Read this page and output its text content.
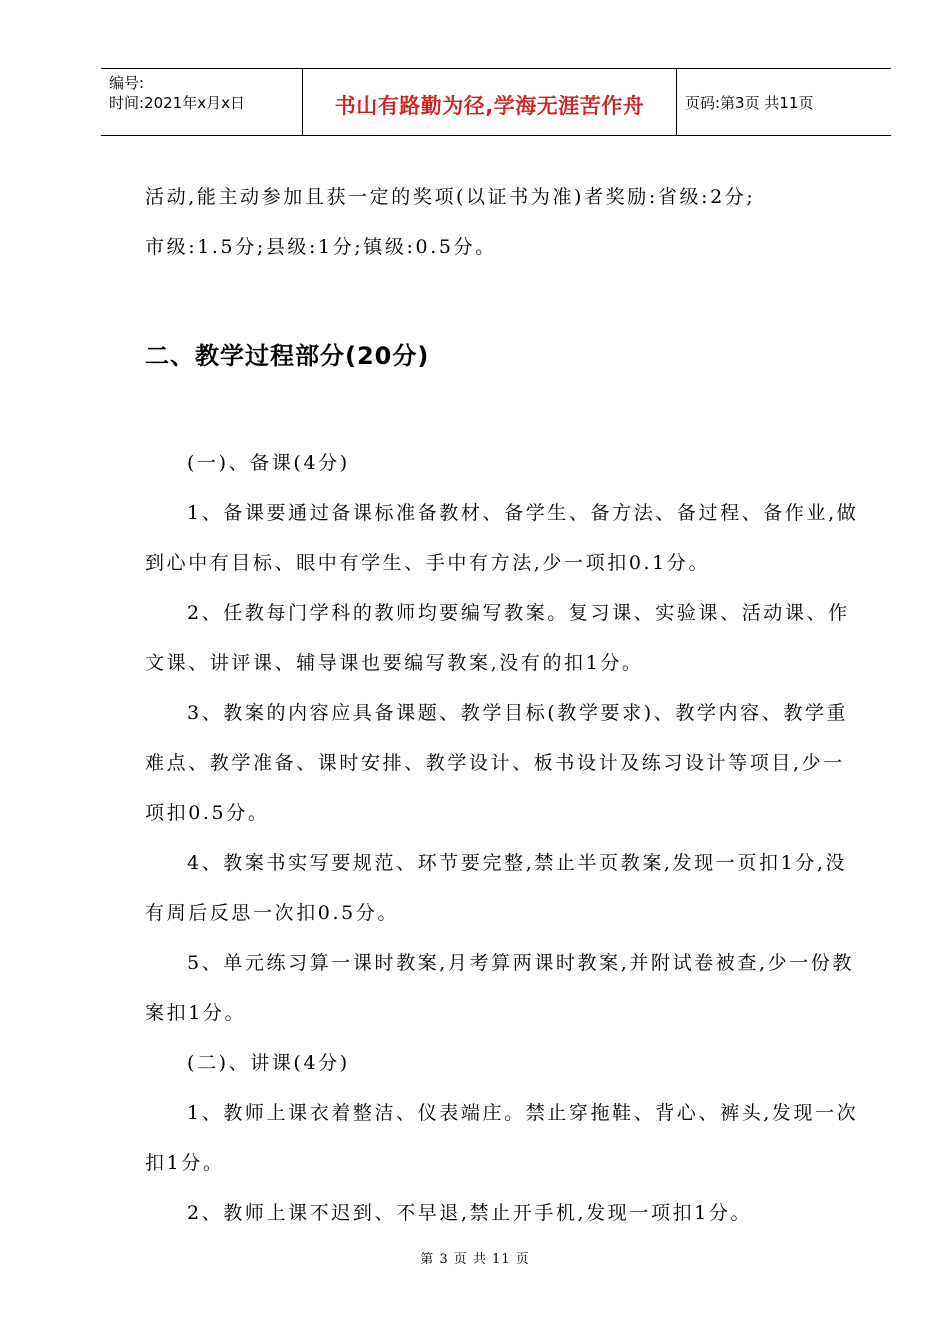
编号:
时间:2021年x月x日	书山有路勤为径,学海无涯苦作舟	页码:第3页 共11页

活动,能主动参加且获一定的奖项(以证书为准)者奖励:省级:2分;

市级:1.5分;县级:1分;镇级:0.5分。

二、教学过程部分(20分)

(一)、备课(4分)

1、备课要通过备课标准备教材、备学生、备方法、备过程、备作业,做到心中有目标、眼中有学生、手中有方法,少一项扣0.1分。

2、任教每门学科的教师均要编写教案。复习课、实验课、活动课、作文课、讲评课、辅导课也要编写教案,没有的扣1分。

3、教案的内容应具备课题、教学目标(教学要求)、教学内容、教学重难点、教学准备、课时安排、教学设计、板书设计及练习设计等项目,少一项扣0.5分。

4、教案书实写要规范、环节要完整,禁止半页教案,发现一页扣1分,没有周后反思一次扣0.5分。

5、单元练习算一课时教案,月考算两课时教案,并附试卷被查,少一份教案扣1分。

(二)、讲课(4分)

1、教师上课衣着整洁、仪表端庄。禁止穿拖鞋、背心、裤头,发现一次扣1分。

2、教师上课不迟到、不早退,禁止开手机,发现一项扣1分。

第 3 页 共 11 页
